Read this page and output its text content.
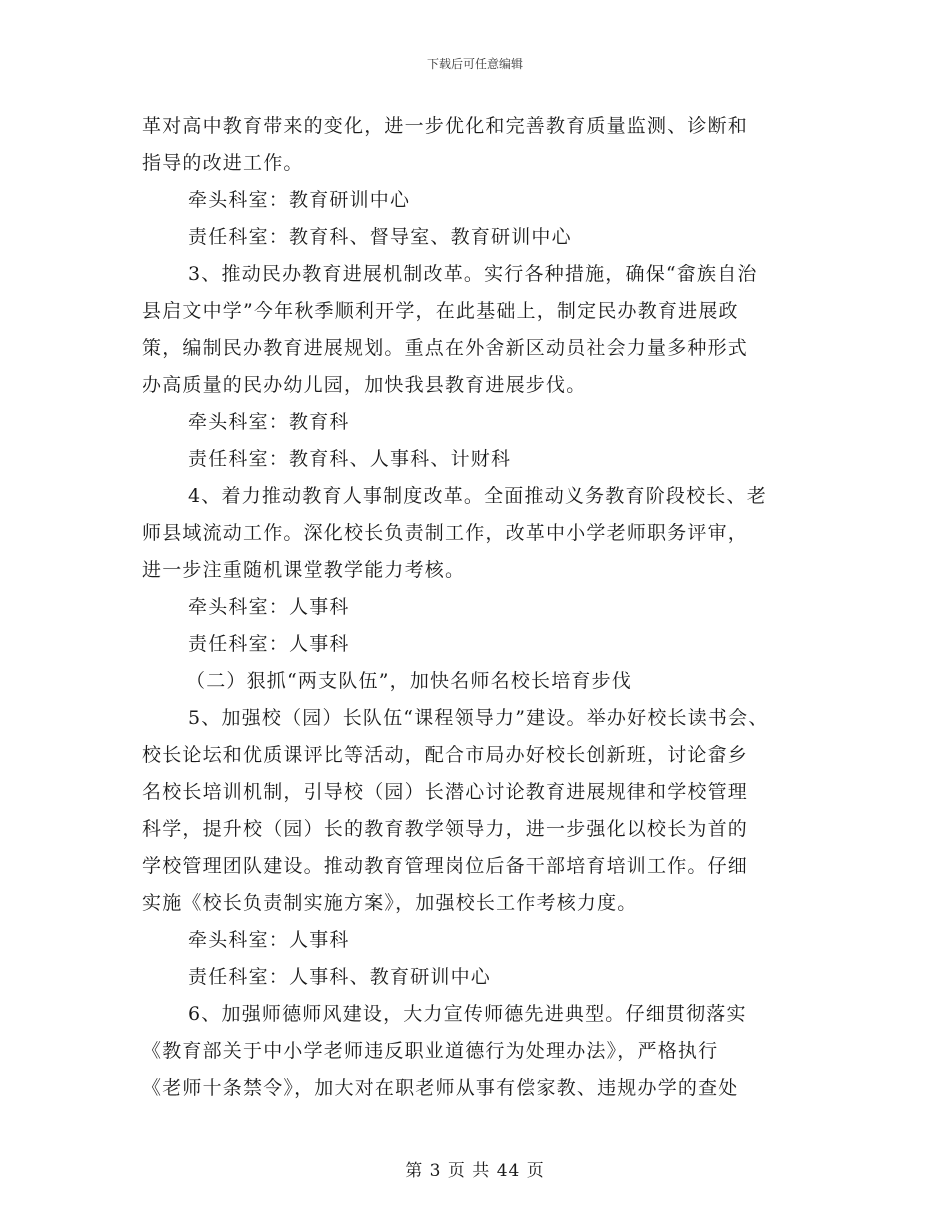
下载后可任意编辑
革对高中教育带来的变化，进一步优化和完善教育质量监测、诊断和
指导的改进工作。
牵头科室：教育研训中心
责任科室：教育科、督导室、教育研训中心
3、推动民办教育进展机制改革。实行各种措施，确保“畲族自治
县启文中学”今年秋季顺利开学，在此基础上，制定民办教育进展政
策，编制民办教育进展规划。重点在外舍新区动员社会力量多种形式
办高质量的民办幼儿园，加快我县教育进展步伐。
牵头科室：教育科
责任科室：教育科、人事科、计财科
4、着力推动教育人事制度改革。全面推动义务教育阶段校长、老
师县域流动工作。深化校长负责制工作，改革中小学老师职务评审，
进一步注重随机课堂教学能力考核。
牵头科室：人事科
责任科室：人事科
（二）狠抓“两支队伍”，加快名师名校长培育步伐
5、加强校（园）长队伍“课程领导力”建设。举办好校长读书会、
校长论坛和优质课评比等活动，配合市局办好校长创新班，讨论畲乡
名校长培训机制，引导校（园）长潜心讨论教育进展规律和学校管理
科学，提升校（园）长的教育教学领导力，进一步强化以校长为首的
学校管理团队建设。推动教育管理岗位后备干部培育培训工作。仔细
实施《校长负责制实施方案》，加强校长工作考核力度。
牵头科室：人事科
责任科室：人事科、教育研训中心
6、加强师德师风建设，大力宣传师德先进典型。仔细贯彻落实
《教育部关于中小学老师违反职业道德行为处理办法》，严格执行
《老师十条禁令》，加大对在职老师从事有偿家教、违规办学的查处
第 3 页 共 44 页
